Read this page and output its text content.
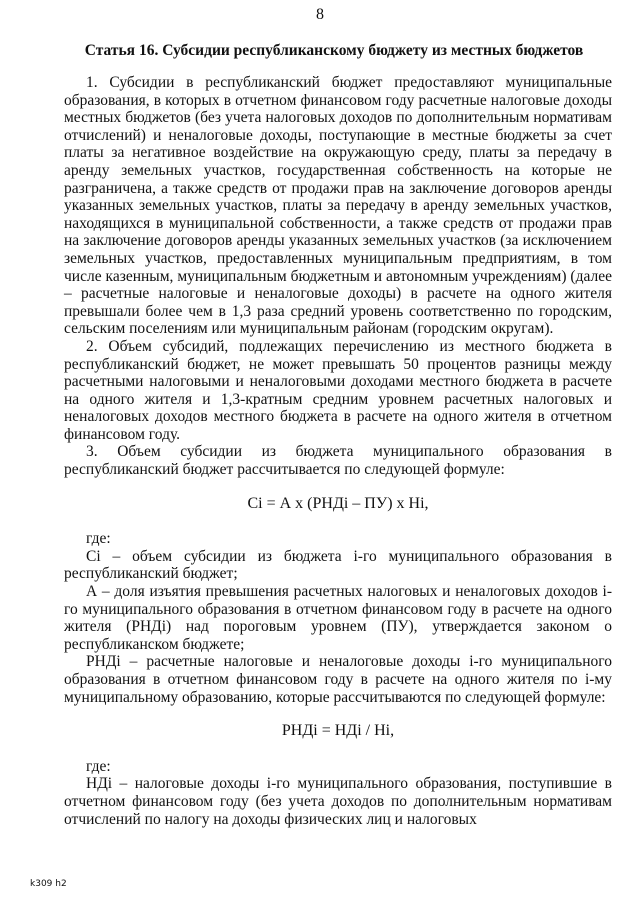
8
Статья 16. Субсидии республиканскому бюджету из местных бюджетов

1. Субсидии в республиканский бюджет предоставляют муниципальные образования, в которых в отчетном финансовом году расчетные налоговые доходы местных бюджетов (без учета налоговых доходов по дополнительным нормативам отчислений) и неналоговые доходы, поступающие в местные бюджеты за счет платы за негативное воздействие на окружающую среду, платы за передачу в аренду земельных участков, государственная собственность на которые не разграничена, а также средств от продажи прав на заключение договоров аренды указанных земельных участков, платы за передачу в аренду земельных участков, находящихся в муниципальной собственности, а также средств от продажи прав на заключение договоров аренды указанных земельных участков (за исключением земельных участков, предоставленных муниципальным предприятиям, в том числе казенным, муниципальным бюджетным и автономным учреждениям) (далее – расчетные налоговые и неналоговые доходы) в расчете на одного жителя превышали более чем в 1,3 раза средний уровень соответственно по городским, сельским поселениям или муниципальным районам (городским округам).

2. Объем субсидий, подлежащих перечислению из местного бюджета в республиканский бюджет, не может превышать 50 процентов разницы между расчетными налоговыми и неналоговыми доходами местного бюджета в расчете на одного жителя и 1,3-кратным средним уровнем расчетных налоговых и неналоговых доходов местного бюджета в расчете на одного жителя в отчетном финансовом году.

3. Объем субсидии из бюджета муниципального образования в республиканский бюджет рассчитывается по следующей формуле:

Ci = А х (РНДi – ПУ) х Нi,

где:

Ci – объем субсидии из бюджета i-го муниципального образования в республиканский бюджет;

А – доля изъятия превышения расчетных налоговых и неналоговых доходов i-го муниципального образования в отчетном финансовом году в расчете на одного жителя (РНДi) над пороговым уровнем (ПУ), утверждается законом о республиканском бюджете;

РНДi – расчетные налоговые и неналоговые доходы i-го муниципального образования в отчетном финансовом году в расчете на одного жителя по i-му муниципальному образованию, которые рассчитываются по следующей формуле:

РНДi = НДi / Нi,

где:

НДi – налоговые доходы i-го муниципального образования, поступившие в отчетном финансовом году (без учета доходов по дополнительным нормативам отчислений по налогу на доходы физических лиц и налоговых

k309 h2
